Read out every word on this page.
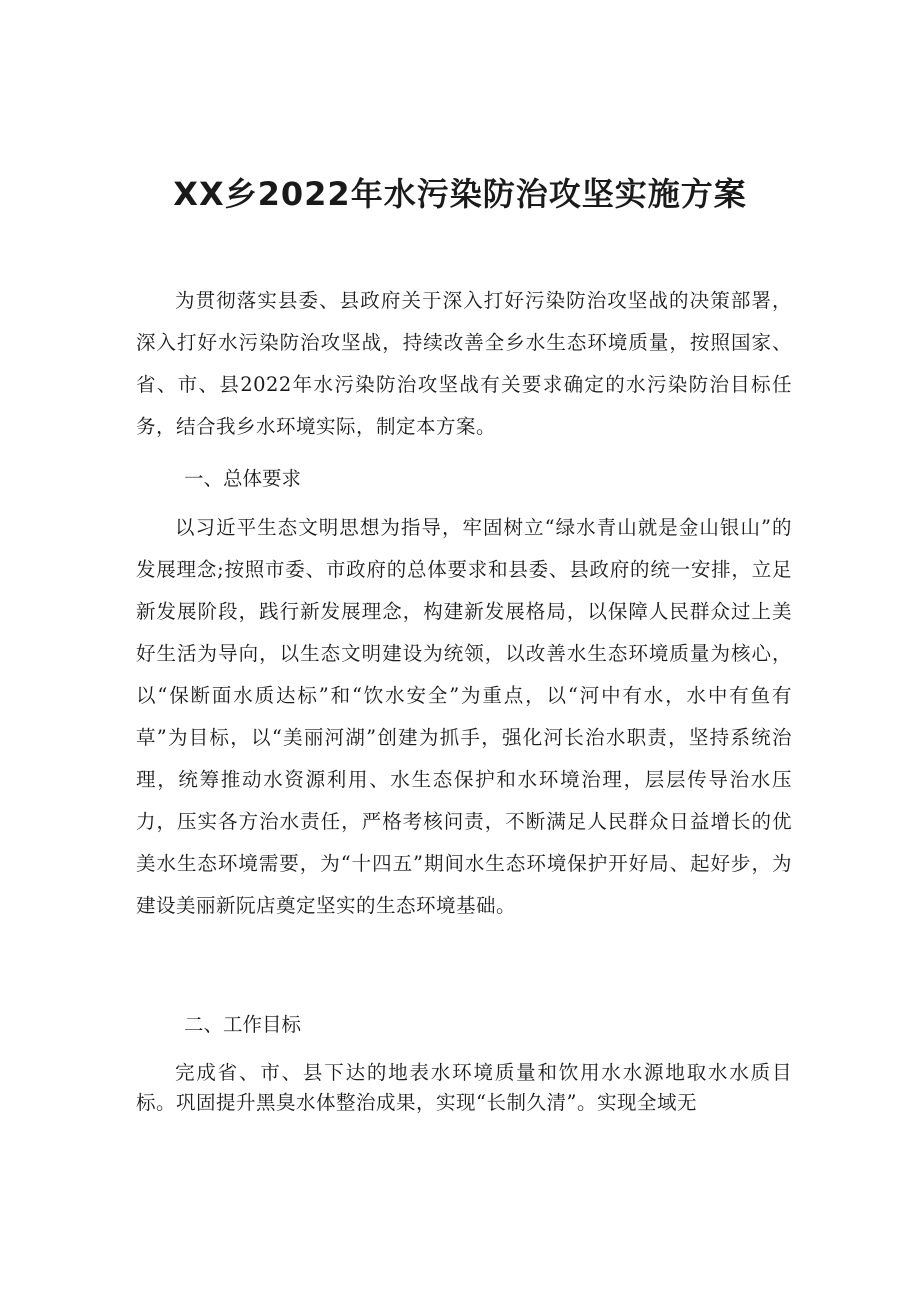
XX乡2022年水污染防治攻坚实施方案

为贯彻落实县委、县政府关于深入打好污染防治攻坚战的决策部署，深入打好水污染防治攻坚战，持续改善全乡水生态环境质量，按照国家、省、市、县2022年水污染防治攻坚战有关要求确定的水污染防治目标任务，结合我乡水环境实际，制定本方案。

一、总体要求

以习近平生态文明思想为指导，牢固树立“绿水青山就是金山银山”的发展理念;按照市委、市政府的总体要求和县委、县政府的统一安排，立足新发展阶段，践行新发展理念，构建新发展格局，以保障人民群众过上美好生活为导向，以生态文明建设为统领，以改善水生态环境质量为核心，以“保断面水质达标”和“饮水安全”为重点，以“河中有水，水中有鱼有草”为目标，以“美丽河湖”创建为抓手，强化河长治水职责，坚持系统治理，统筹推动水资源利用、水生态保护和水环境治理，层层传导治水压力，压实各方治水责任，严格考核问责，不断满足人民群众日益增长的优美水生态环境需要，为“十四五”期间水生态环境保护开好局、起好步，为建设美丽新阮店奠定坚实的生态环境基础。

二、工作目标

完成省、市、县下达的地表水环境质量和饮用水水源地取水水质目标。巩固提升黑臭水体整治成果，实现“长制久清”。实现全域无
